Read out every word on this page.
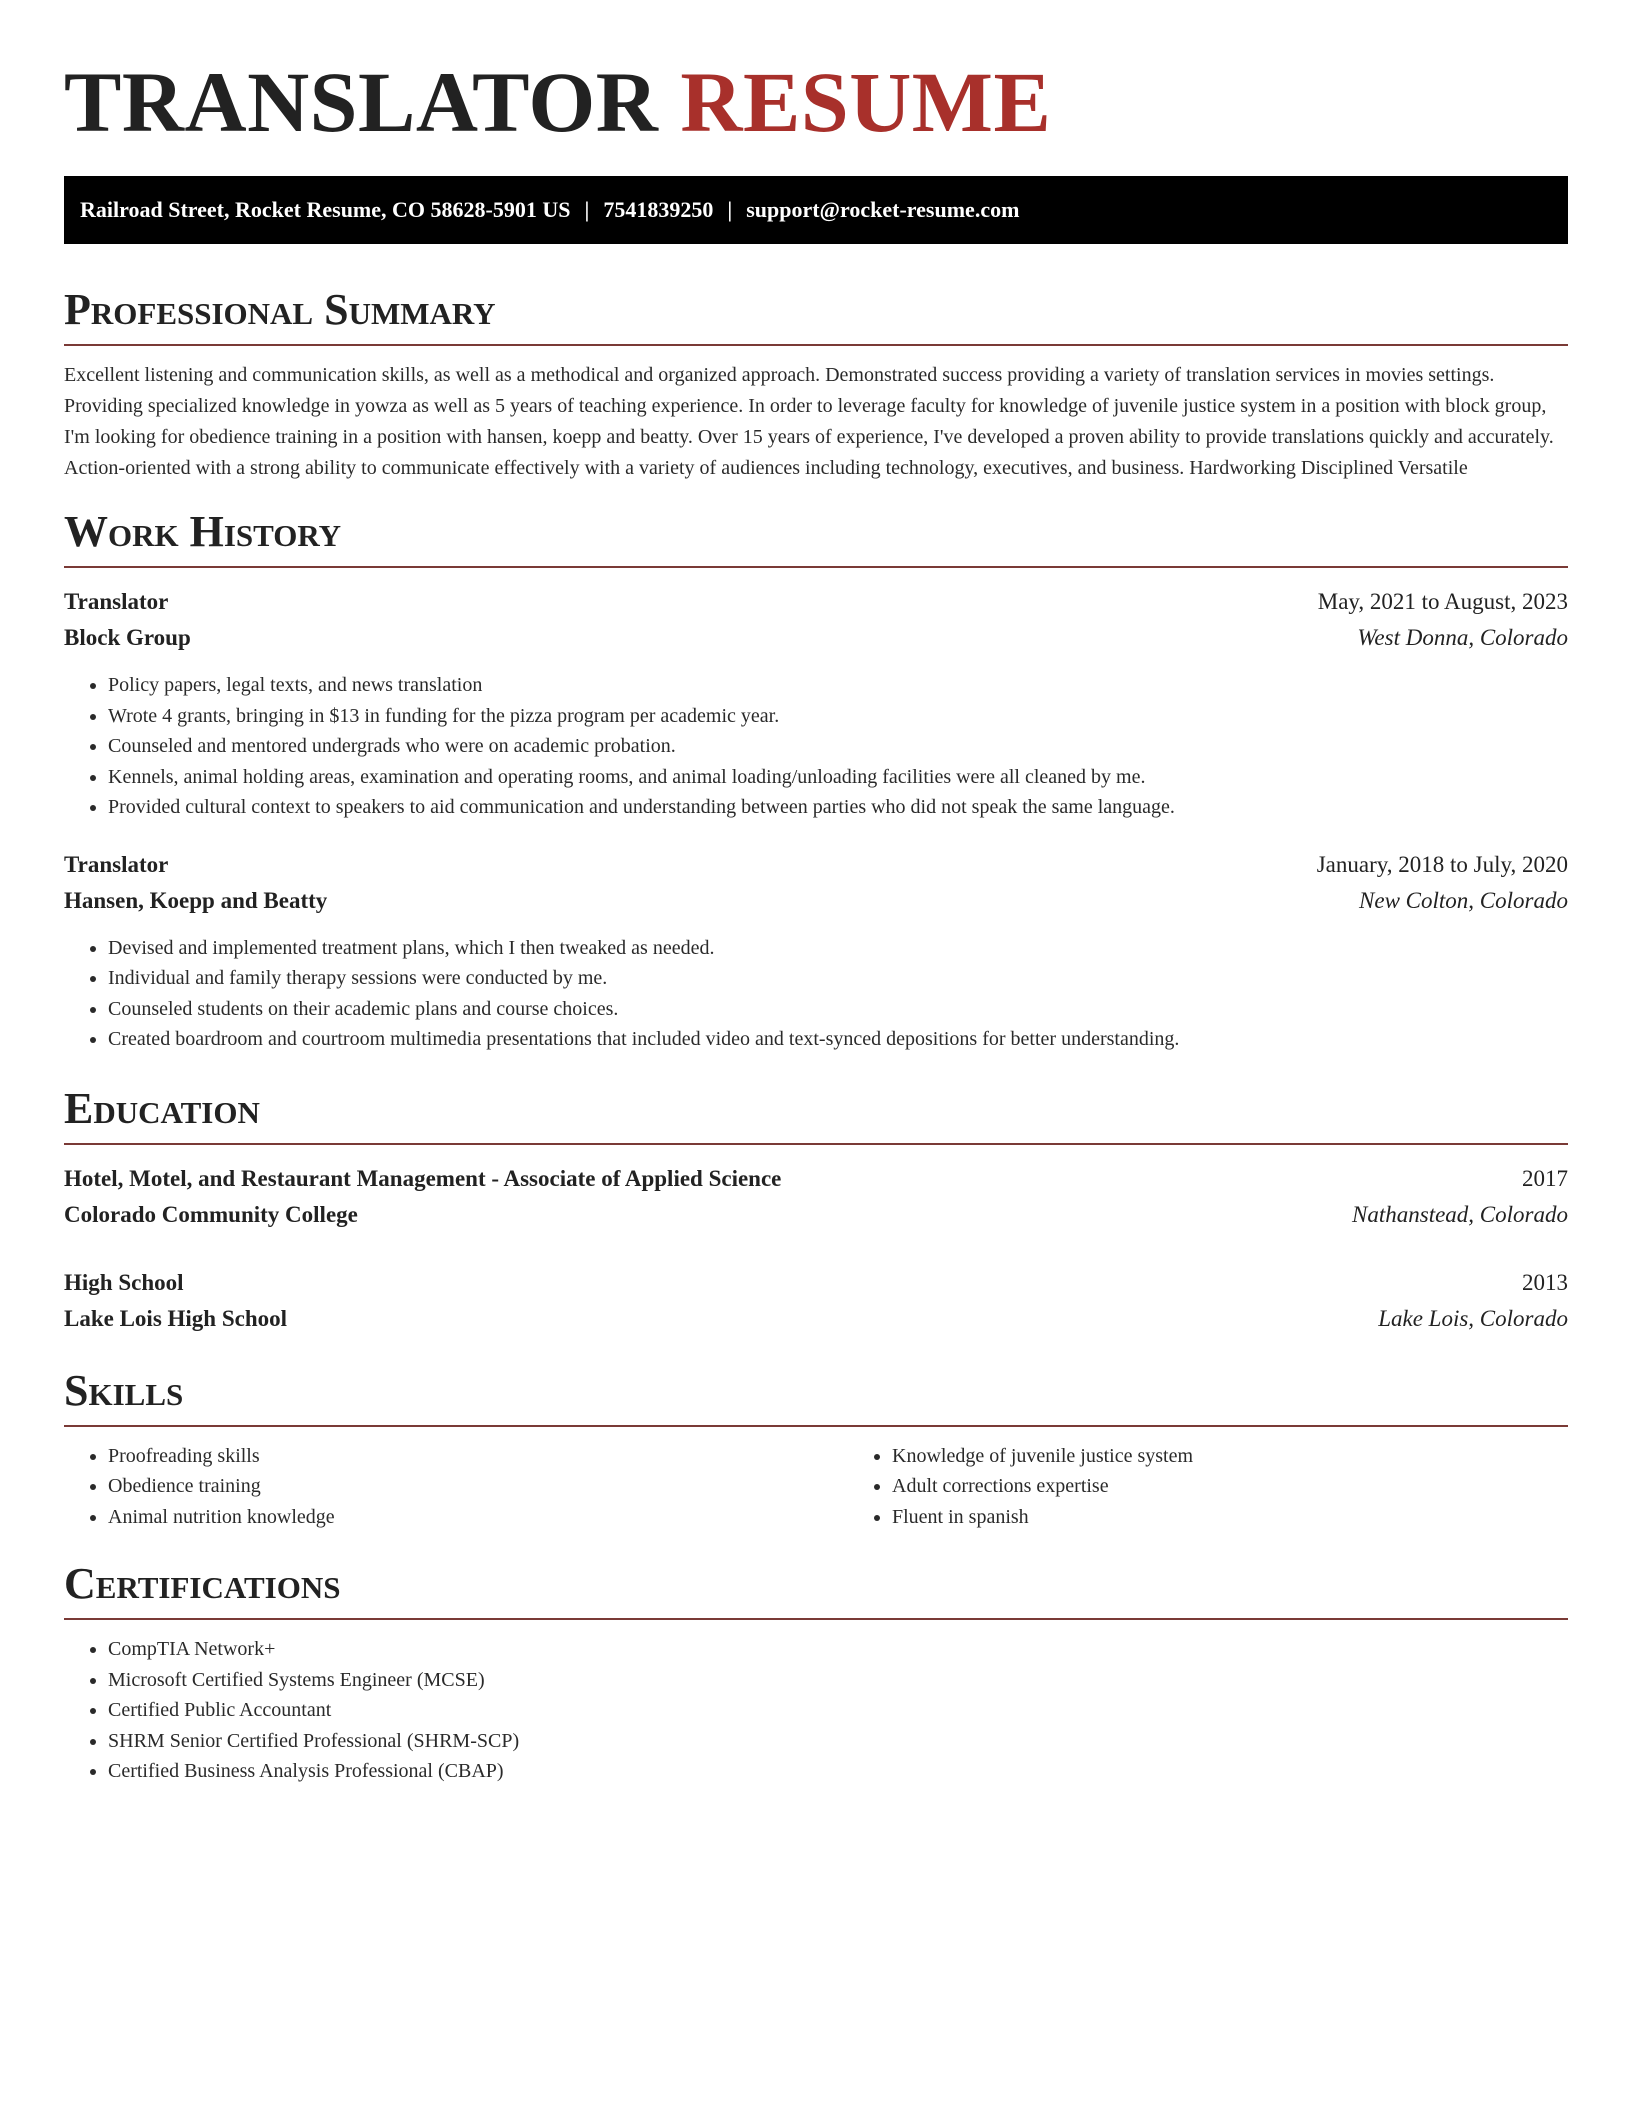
TRANSLATOR RESUME
Railroad Street, Rocket Resume, CO 58628-5901 US | 7541839250 | support@rocket-resume.com
Professional Summary
Excellent listening and communication skills, as well as a methodical and organized approach. Demonstrated success providing a variety of translation services in movies settings. Providing specialized knowledge in yowza as well as 5 years of teaching experience. In order to leverage faculty for knowledge of juvenile justice system in a position with block group, I'm looking for obedience training in a position with hansen, koepp and beatty. Over 15 years of experience, I've developed a proven ability to provide translations quickly and accurately. Action-oriented with a strong ability to communicate effectively with a variety of audiences including technology, executives, and business. Hardworking Disciplined Versatile
Work History
Translator	May, 2021 to August, 2023
Block Group	West Donna, Colorado
• Policy papers, legal texts, and news translation
• Wrote 4 grants, bringing in $13 in funding for the pizza program per academic year.
• Counseled and mentored undergrads who were on academic probation.
• Kennels, animal holding areas, examination and operating rooms, and animal loading/unloading facilities were all cleaned by me.
• Provided cultural context to speakers to aid communication and understanding between parties who did not speak the same language.
Translator	January, 2018 to July, 2020
Hansen, Koepp and Beatty	New Colton, Colorado
• Devised and implemented treatment plans, which I then tweaked as needed.
• Individual and family therapy sessions were conducted by me.
• Counseled students on their academic plans and course choices.
• Created boardroom and courtroom multimedia presentations that included video and text-synced depositions for better understanding.
Education
Hotel, Motel, and Restaurant Management - Associate of Applied Science	2017
Colorado Community College	Nathanstead, Colorado
High School	2013
Lake Lois High School	Lake Lois, Colorado
Skills
• Proofreading skills
• Obedience training
• Animal nutrition knowledge
• Knowledge of juvenile justice system
• Adult corrections expertise
• Fluent in spanish
Certifications
• CompTIA Network+
• Microsoft Certified Systems Engineer (MCSE)
• Certified Public Accountant
• SHRM Senior Certified Professional (SHRM-SCP)
• Certified Business Analysis Professional (CBAP)
